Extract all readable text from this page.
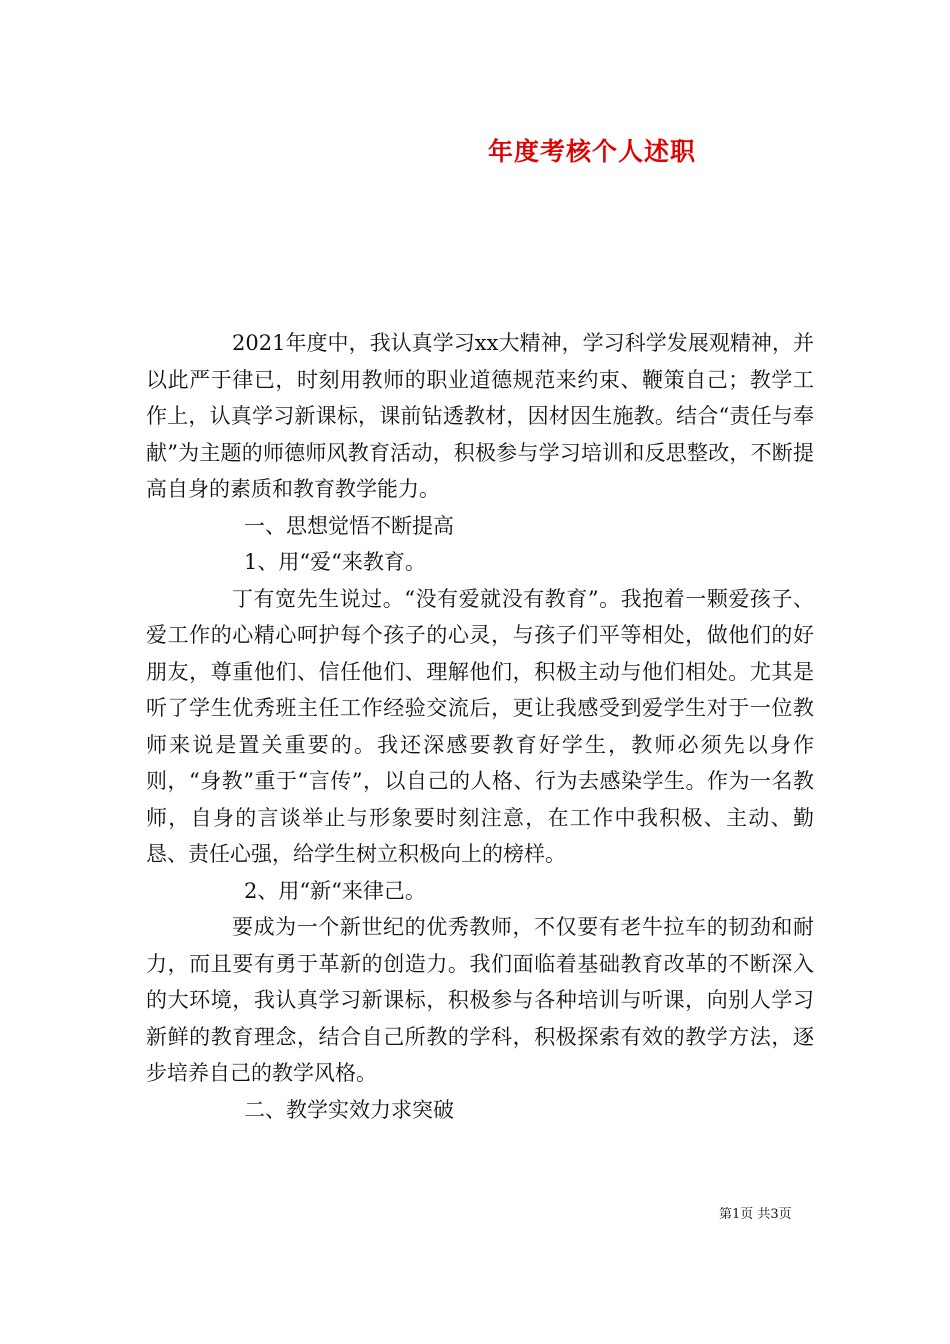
年度考核个人述职

2021年度中，我认真学习xx大精神，学习科学发展观精神，并以此严于律已，时刻用教师的职业道德规范来约束、鞭策自己；教学工作上，认真学习新课标，课前钻透教材，因材因生施教。结合“责任与奉献”为主题的师德师风教育活动，积极参与学习培训和反思整改，不断提高自身的素质和教育教学能力。

一、思想觉悟不断提高

1、用“爱“来教育。

丁有宽先生说过。“没有爱就没有教育”。我抱着一颗爱孩子、爱工作的心精心呵护每个孩子的心灵，与孩子们平等相处，做他们的好朋友，尊重他们、信任他们、理解他们，积极主动与他们相处。尤其是听了学生优秀班主任工作经验交流后，更让我感受到爱学生对于一位教师来说是置关重要的。我还深感要教育好学生，教师必须先以身作则，“身教”重于“言传”，以自己的人格、行为去感染学生。作为一名教师，自身的言谈举止与形象要时刻注意，在工作中我积极、主动、勤恳、责任心强，给学生树立积极向上的榜样。

2、用“新“来律己。

要成为一个新世纪的优秀教师，不仅要有老牛拉车的韧劲和耐力，而且要有勇于革新的创造力。我们面临着基础教育改革的不断深入的大环境，我认真学习新课标，积极参与各种培训与听课，向别人学习新鲜的教育理念，结合自己所教的学科，积极探索有效的教学方法，逐步培养自己的教学风格。

二、教学实效力求突破

第1页 共3页
